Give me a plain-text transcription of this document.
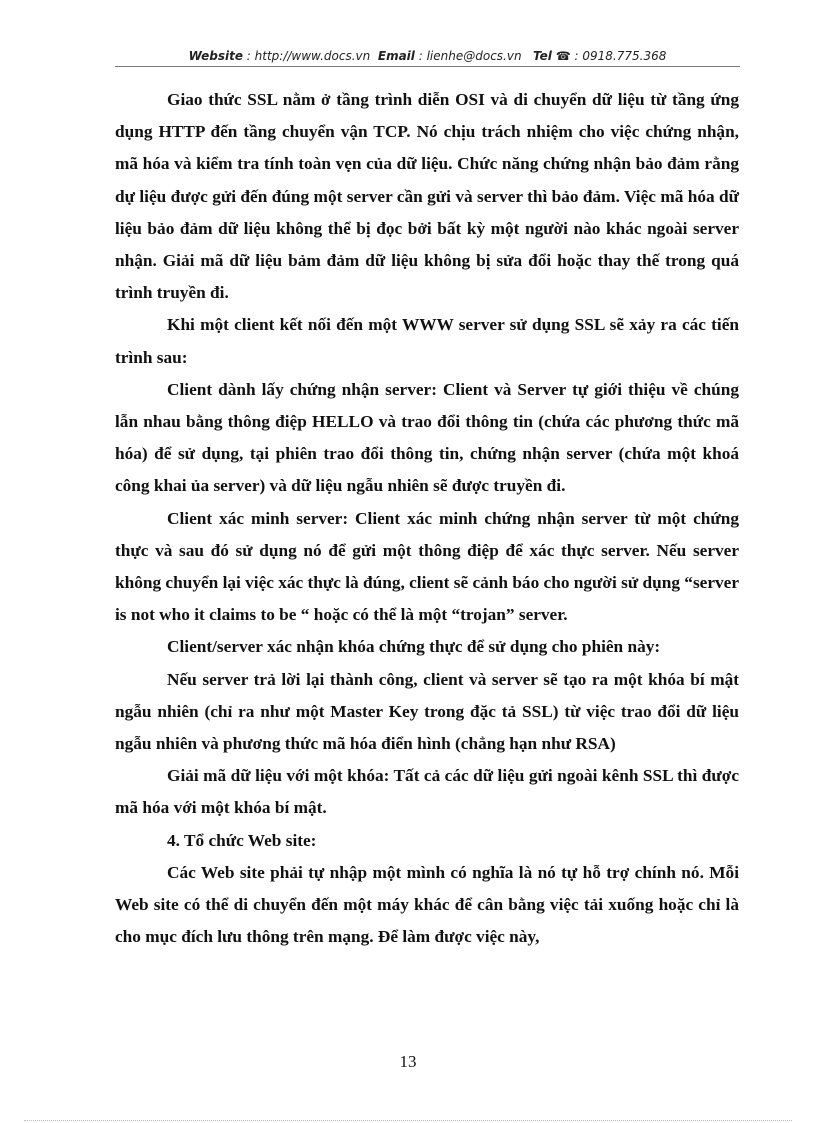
Website : http://www.docs.vn Email : lienhe@docs.vn Tel ☎ : 0918.775.368

Giao thức SSL nằm ở tầng trình diễn OSI và di chuyển dữ liệu từ tầng ứng dụng HTTP đến tầng chuyển vận TCP. Nó chịu trách nhiệm cho việc chứng nhận, mã hóa và kiểm tra tính toàn vẹn của dữ liệu. Chức năng chứng nhận bảo đảm rằng dự liệu được gửi đến đúng một server cần gửi và server thì bảo đảm. Việc mã hóa dữ liệu bảo đảm dữ liệu không thể bị đọc bởi bất kỳ một người nào khác ngoài server nhận. Giải mã dữ liệu bảm đảm dữ liệu không bị sửa đổi hoặc thay thế trong quá trình truyền đi.

Khi một client kết nối đến một WWW server sử dụng SSL sẽ xảy ra các tiến trình sau:

Client dành lấy chứng nhận server: Client và Server tự giới thiệu về chúng lẫn nhau bằng thông điệp HELLO và trao đổi thông tin (chứa các phương thức mã hóa) để sử dụng, tại phiên trao đổi thông tin, chứng nhận server (chứa một khoá công khai ủa server) và dữ liệu ngẫu nhiên sẽ được truyền đi.

Client xác minh server: Client xác minh chứng nhận server từ một chứng thực và sau đó sử dụng nó để gửi một thông điệp để xác thực server. Nếu server không chuyển lại việc xác thực là đúng, client sẽ cảnh báo cho người sử dụng “server is not who it claims to be “ hoặc có thể là một “trojan” server.

Client/server xác nhận khóa chứng thực để sử dụng cho phiên này:

Nếu server trả lời lại thành công, client và server sẽ tạo ra một khóa bí mật ngẫu nhiên (chỉ ra như một Master Key trong đặc tả SSL) từ việc trao đổi dữ liệu ngẫu nhiên và phương thức mã hóa điển hình (chẳng hạn như RSA)

Giải mã dữ liệu với một khóa: Tất cả các dữ liệu gửi ngoài kênh SSL thì được mã hóa với một khóa bí mật.

4. Tổ chức Web site:

Các Web site phải tự nhập một mình có nghĩa là nó tự hỗ trợ chính nó. Mỗi Web site có thể di chuyển đến một máy khác để cân bằng việc tải xuống hoặc chỉ là cho mục đích lưu thông trên mạng. Để làm được việc này,

13
